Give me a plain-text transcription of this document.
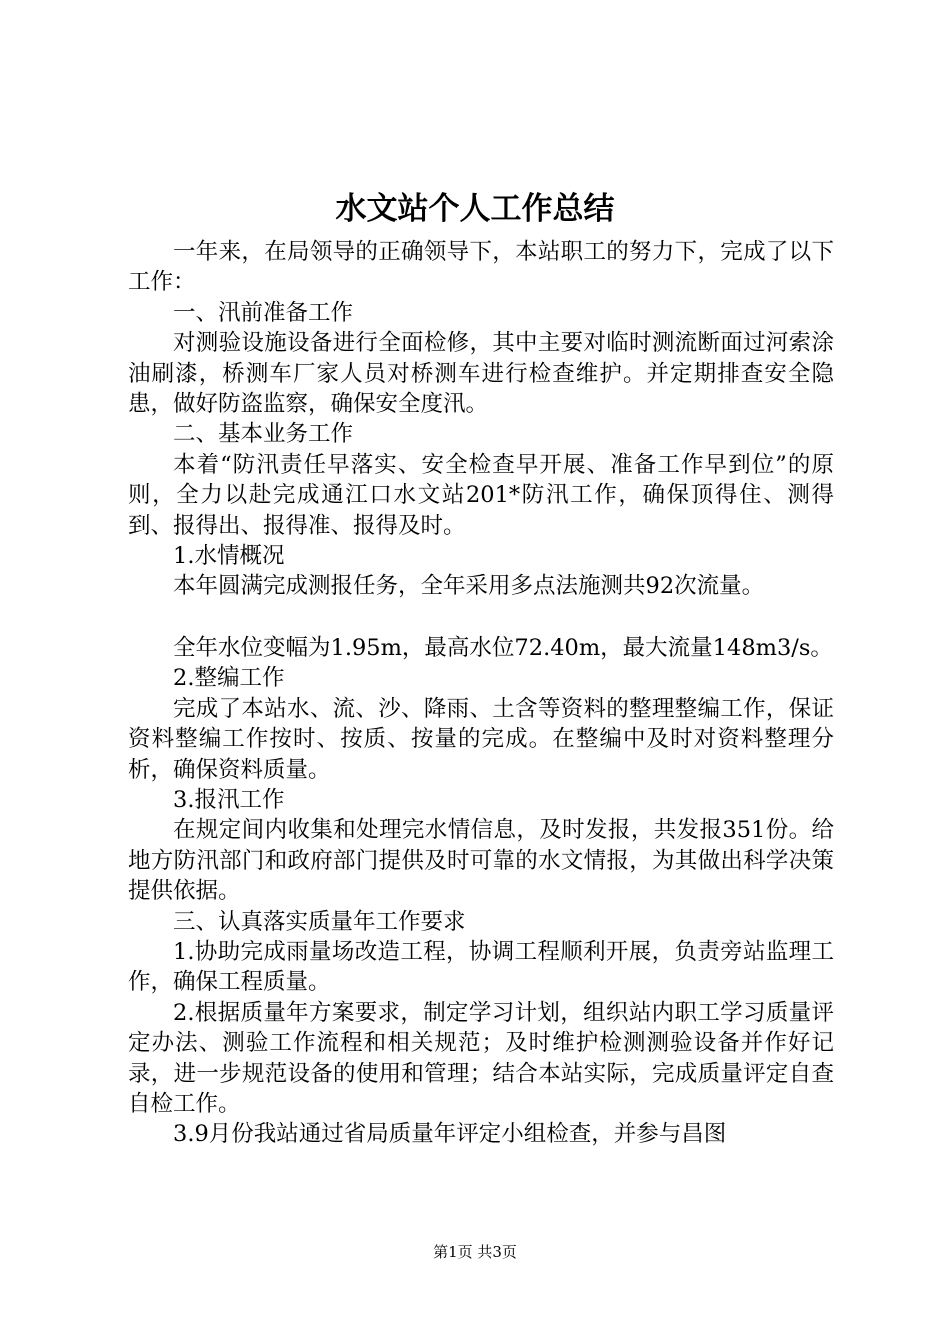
水文站个人工作总结

一年来，在局领导的正确领导下，本站职工的努力下，完成了以下工作：

一、汛前准备工作

对测验设施设备进行全面检修，其中主要对临时测流断面过河索涂油刷漆，桥测车厂家人员对桥测车进行检查维护。并定期排查安全隐患，做好防盗监察，确保安全度汛。

二、基本业务工作

本着“防汛责任早落实、安全检查早开展、准备工作早到位”的原则，全力以赴完成通江口水文站201*防汛工作，确保顶得住、测得到、报得出、报得准、报得及时。

1.水情概况

本年圆满完成测报任务，全年采用多点法施测共92次流量。

全年水位变幅为1.95m，最高水位72.40m，最大流量148m3/s。

2.整编工作

完成了本站水、流、沙、降雨、土含等资料的整理整编工作，保证资料整编工作按时、按质、按量的完成。在整编中及时对资料整理分析，确保资料质量。

3.报汛工作

在规定间内收集和处理完水情信息，及时发报，共发报351份。给地方防汛部门和政府部门提供及时可靠的水文情报，为其做出科学决策提供依据。

三、认真落实质量年工作要求

1.协助完成雨量场改造工程，协调工程顺利开展，负责旁站监理工作，确保工程质量。

2.根据质量年方案要求，制定学习计划，组织站内职工学习质量评定办法、测验工作流程和相关规范；及时维护检测测验设备并作好记录，进一步规范设备的使用和管理；结合本站实际，完成质量评定自查自检工作。

3.9月份我站通过省局质量年评定小组检查，并参与昌图

第1页 共3页
